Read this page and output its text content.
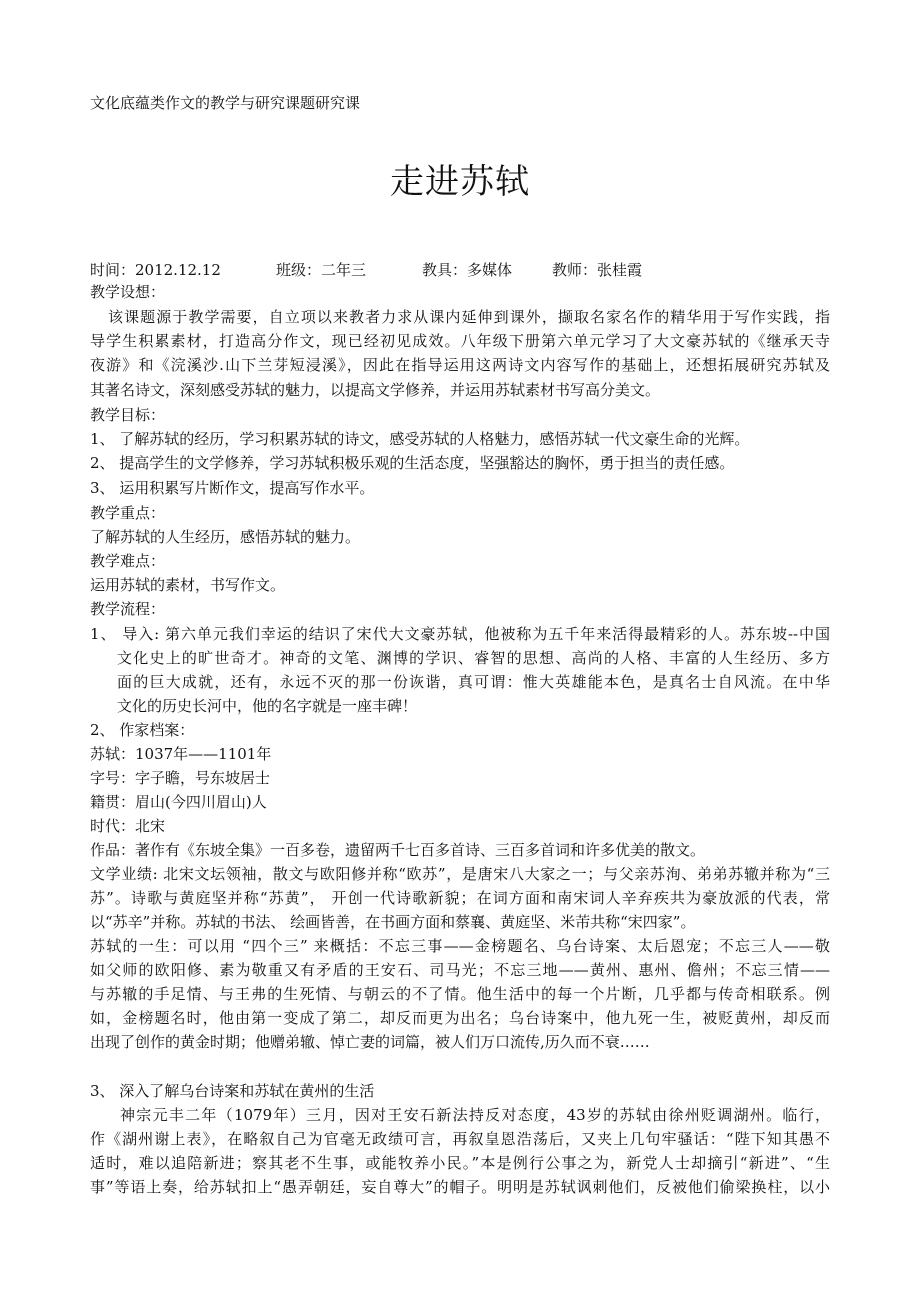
文化底蕴类作文的教学与研究课题研究课
走进苏轼
时间：2012.12.12	班级：二年三	教具：多媒体	教师：张桂霞
教学设想：
该课题源于教学需要，自立项以来教者力求从课内延伸到课外，撷取名家名作的精华用于写作实践，指
导学生积累素材，打造高分作文，现已经初见成效。八年级下册第六单元学习了大文豪苏轼的《继承天寺
夜游》和《浣溪沙.山下兰芽短浸溪》，因此在指导运用这两诗文内容写作的基础上，还想拓展研究苏轼及
其著名诗文，深刻感受苏轼的魅力，以提高文学修养，并运用苏轼素材书写高分美文。
教学目标：
1、 了解苏轼的经历，学习积累苏轼的诗文，感受苏轼的人格魅力，感悟苏轼一代文豪生命的光辉。
2、 提高学生的文学修养，学习苏轼积极乐观的生活态度，坚强豁达的胸怀，勇于担当的责任感。
3、 运用积累写片断作文，提高写作水平。
教学重点：
了解苏轼的人生经历，感悟苏轼的魅力。
教学难点：
运用苏轼的素材，书写作文。
教学流程：
1、 导入: 第六单元我们幸运的结识了宋代大文豪苏轼，他被称为五千年来活得最精彩的人。苏东坡--中国
文化史上的旷世奇才。神奇的文笔、渊博的学识、睿智的思想、高尚的人格、丰富的人生经历、多方
面的巨大成就，还有，永远不灭的那一份诙谐，真可谓：惟大英雄能本色，是真名士自风流。在中华
文化的历史长河中，他的名字就是一座丰碑！
2、 作家档案：
苏轼：1037年——1101年
字号：字子瞻，号东坡居士
籍贯：眉山(今四川眉山)人
时代：北宋
作品：著作有《东坡全集》一百多卷，遗留两千七百多首诗、三百多首词和许多优美的散文。
文学业绩: 北宋文坛领袖，散文与欧阳修并称“欧苏”，是唐宋八大家之一；与父亲苏洵、弟弟苏辙并称为“三
苏”。诗歌与黄庭坚并称“苏黄”， 开创一代诗歌新貌；在词方面和南宋词人辛弃疾共为豪放派的代表，常
以“苏辛”并称。苏轼的书法、 绘画皆善，在书画方面和蔡襄、黄庭坚、米芾共称“宋四家”。
苏轼的一生：可以用 “四个三” 来概括：不忘三事——金榜题名、乌台诗案、太后恩宠；不忘三人——敬
如父师的欧阳修、素为敬重又有矛盾的王安石、司马光；不忘三地——黄州、惠州、儋州；不忘三情——
与苏辙的手足情、与王弗的生死情、与朝云的不了情。他生活中的每一个片断，几乎都与传奇相联系。例
如，金榜题名时，他由第一变成了第二，却反而更为出名；乌台诗案中，他九死一生，被贬黄州，却反而
出现了创作的黄金时期；他赠弟辙、悼亡妻的词篇，被人们万口流传,历久而不衰……
3、 深入了解乌台诗案和苏轼在黄州的生活
神宗元丰二年（1079年）三月，因对王安石新法持反对态度，43岁的苏轼由徐州贬调湖州。临行，
作《湖州谢上表》，在略叙自己为官毫无政绩可言，再叙皇恩浩荡后，又夹上几句牢骚话：“陛下知其愚不
适时，难以追陪新进；察其老不生事，或能牧养小民。”本是例行公事之为，新党人士却摘引“新进”、“生
事”等语上奏，给苏轼扣上“愚弄朝廷，妄自尊大”的帽子。明明是苏轼讽刺他们，反被他们偷梁换柱，以小
